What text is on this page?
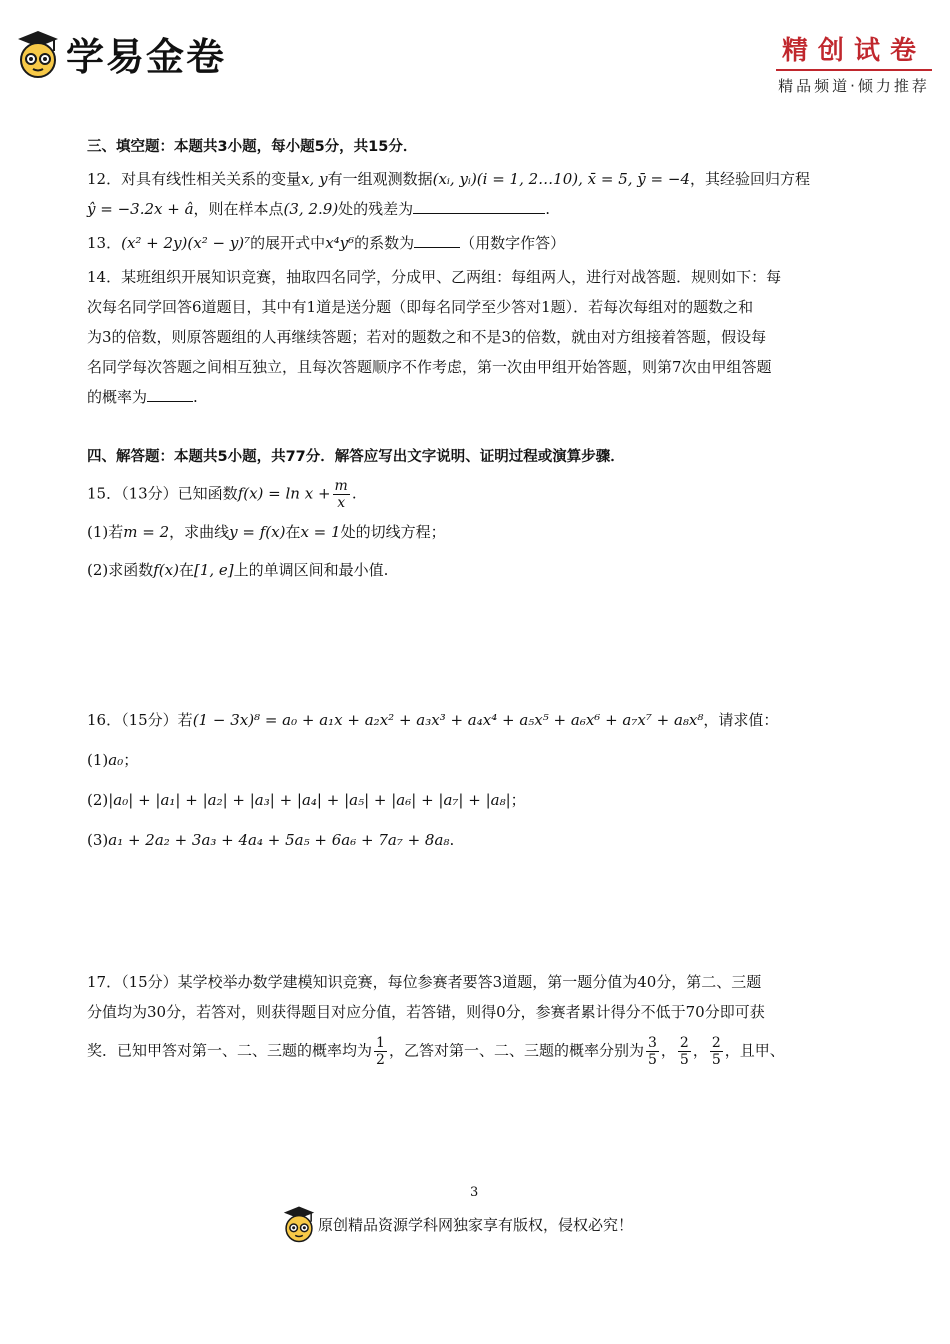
学易金卷	精创试卷
精品频道·倾力推荐
三、填空题：本题共3小题，每小题5分，共15分．

12．对具有线性相关关系的变量x, y有一组观测数据(xᵢ, yᵢ)(i = 1, 2…10), x̄ = 5, ȳ = −4，其经验回归方程
ŷ = −3.2x + â，则在样本点(3, 2.9)处的残差为	.

13．(x² + 2y)(x² − y)⁷的展开式中x⁴y⁶的系数为	（用数字作答）

14．某班组织开展知识竞赛，抽取四名同学，分成甲、乙两组：每组两人，进行对战答题．规则如下：每
次每名同学回答6道题目，其中有1道是送分题（即每名同学至少答对1题）．若每次每组对的题数之和
为3的倍数，则原答题组的人再继续答题；若对的题数之和不是3的倍数，就由对方组接着答题，假设每
名同学每次答题之间相互独立，且每次答题顺序不作考虑，第一次由甲组开始答题，则第7次由甲组答题
的概率为	.
四、解答题：本题共5小题，共77分．解答应写出文字说明、证明过程或演算步骤．

15．（13分）已知函数$f(x) = \ln x + \frac{m}{x}$ .

(1)若m = 2，求曲线y = f(x)在x = 1处的切线方程；

(2)求函数f(x)在[1, e]上的单调区间和最小值.

16．（15分）若(1 − 3x)⁸ = a₀ + a₁x + a₂x² + a₃x³ + a₄x⁴ + a₅x⁵ + a₆x⁶ + a₇x⁷ + a₈x⁸，请求值：

(1)a₀；

(2)|a₀| + |a₁| + |a₂| + |a₃| + |a₄| + |a₅| + |a₆| + |a₇| + |a₈|；

(3)a₁ + 2a₂ + 3a₃ + 4a₄ + 5a₅ + 6a₆ + 7a₇ + 8a₈.

17．（15分）某学校举办数学建模知识竞赛，每位参赛者要答3道题，第一题分值为40分，第二、三题
分值均为30分，若答对，则获得题目对应分值，若答错，则得0分，参赛者累计得分不低于70分即可获
奖．已知甲答对第一、二、三题的概率均为 $\frac{1}{2}$ ，乙答对第一、二、三题的概率分别为 $\frac{3}{5}$ ， $\frac{2}{5}$ ， $\frac{2}{5}$ ，且甲、
3
原创精品资源学科网独家享有版权，侵权必究！
